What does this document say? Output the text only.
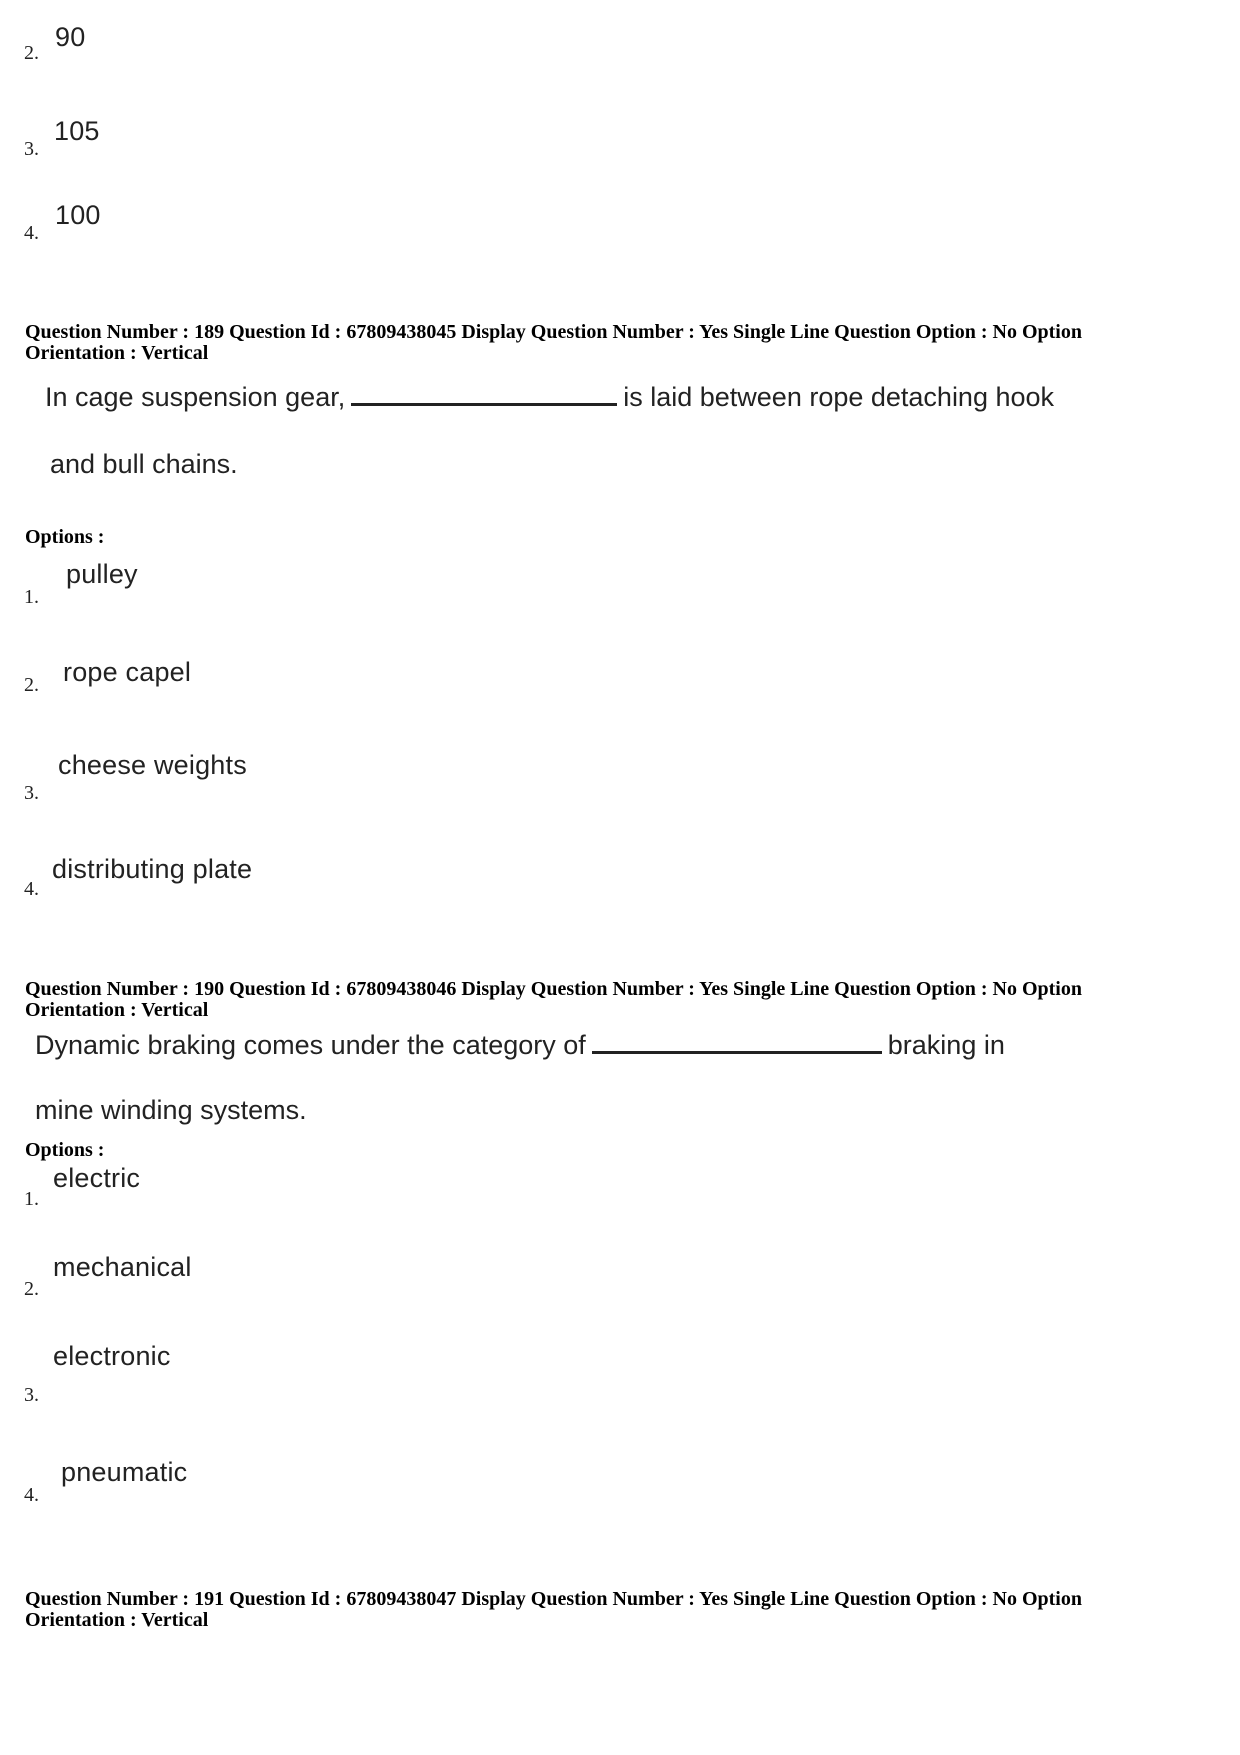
2.
90
3.
105
4.
100
Question Number : 189 Question Id : 67809438045 Display Question Number : Yes Single Line Question Option : No Option
Orientation : Vertical
In cage suspension gear,	is laid between rope detaching hook
and bull chains.
Options :
1.
pulley
2. rope capel
3.
cheese weights
4.
distributing plate
Question Number : 190 Question Id : 67809438046 Display Question Number : Yes Single Line Question Option : No Option
Orientation : Vertical
Dynamic braking comes under the category of	braking in
mine winding systems.
Options :
1.
electric
2.
mechanical
3.
electronic
4.
pneumatic
Question Number : 191 Question Id : 67809438047 Display Question Number : Yes Single Line Question Option : No Option
Orientation : Vertical
